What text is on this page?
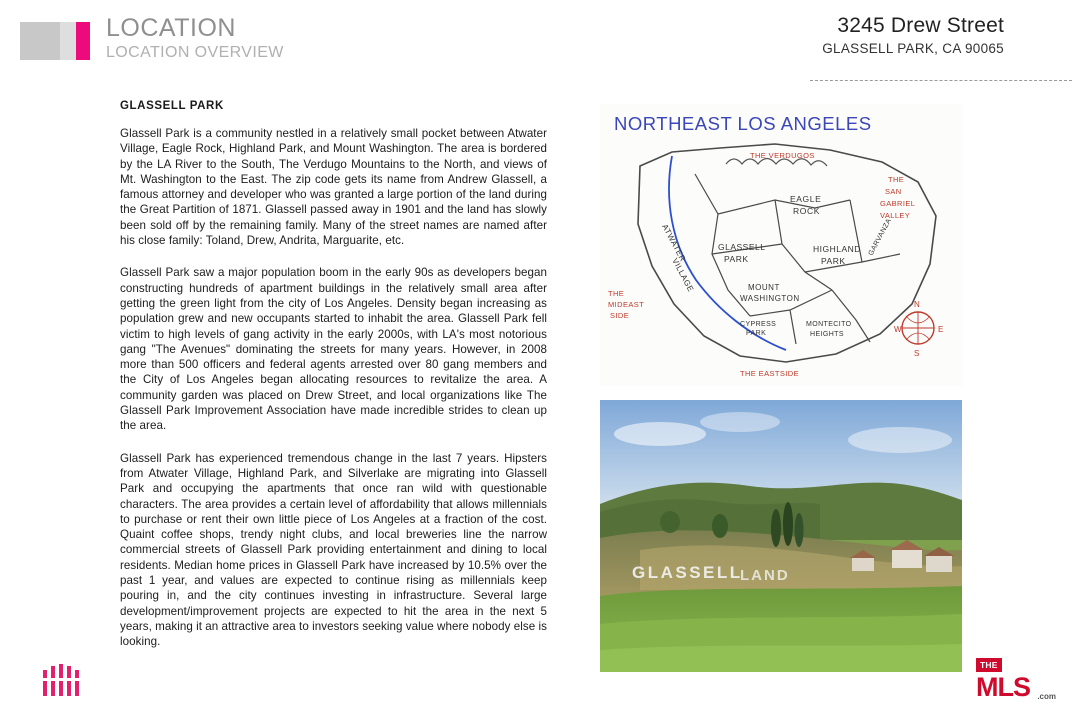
LOCATION
LOCATION OVERVIEW
3245 Drew Street
GLASSELL PARK, CA 90065
GLASSELL PARK

Glassell Park is a community nestled in a relatively small pocket between Atwater Village, Eagle Rock, Highland Park, and Mount Washington. The area is bordered by the LA River to the South, The Verdugo Mountains to the North, and views of Mt. Washington to the East. The zip code gets its name from Andrew Glassell, a famous attorney and developer who was granted a large portion of the land during the Great Partition of 1871. Glassell passed away in 1901 and the land has slowly been sold off by the remaining family. Many of the street names are named after his close family: Toland, Drew, Andrita, Marguarite, etc.

Glassell Park saw a major population boom in the early 90s as developers began constructing hundreds of apartment buildings in the relatively small area after getting the green light from the city of Los Angeles. Density began increasing as population grew and new occupants started to inhabit the area. Glassell Park fell victim to high levels of gang activity in the early 2000s, with LA's most notorious gang "The Avenues" dominating the streets for many years. However, in 2008 more than 500 officers and federal agents arrested over 80 gang members and the City of Los Angeles began allocating resources to revitalize the area. A community garden was placed on Drew Street, and local organizations like The Glassell Park Improvement Association have made incredible strides to clean up the area.

Glassell Park has experienced tremendous change in the last 7 years. Hipsters from Atwater Village, Highland Park, and Silverlake are migrating into Glassell Park and occupying the apartments that once ran wild with questionable characters. The area provides a certain level of affordability that allows millennials to purchase or rent their own little piece of Los Angeles at a fraction of the cost. Quaint coffee shops, trendy night clubs, and local breweries line the narrow commercial streets of Glassell Park providing entertainment and dining to local residents. Median home prices in Glassell Park have increased by 10.5% over the past 1 year, and values are expected to continue rising as millennials keep pouring in, and the city continues investing in infrastructure. Several large development/improvement projects are expected to hit the area in the next 5 years, making it an attractive area to investors seeking value where nobody else is looking.

NORTHEAST LOS ANGELES
THE VERDUGOS
ATWATER
VILLAGE
EAGLE
ROCK
THE
SAN
GABRIEL
VALLEY
GLASSELL
PARK
HIGHLAND
PARK
GARVANZA
MOUNT
WASHINGTON
CYPRESS
PARK
MONTECITO
HEIGHTS
THE
MIDEAST
SIDE
THE EASTSIDE
N
E
S
W
GLASSELL
LAND
THE
MLS .com
